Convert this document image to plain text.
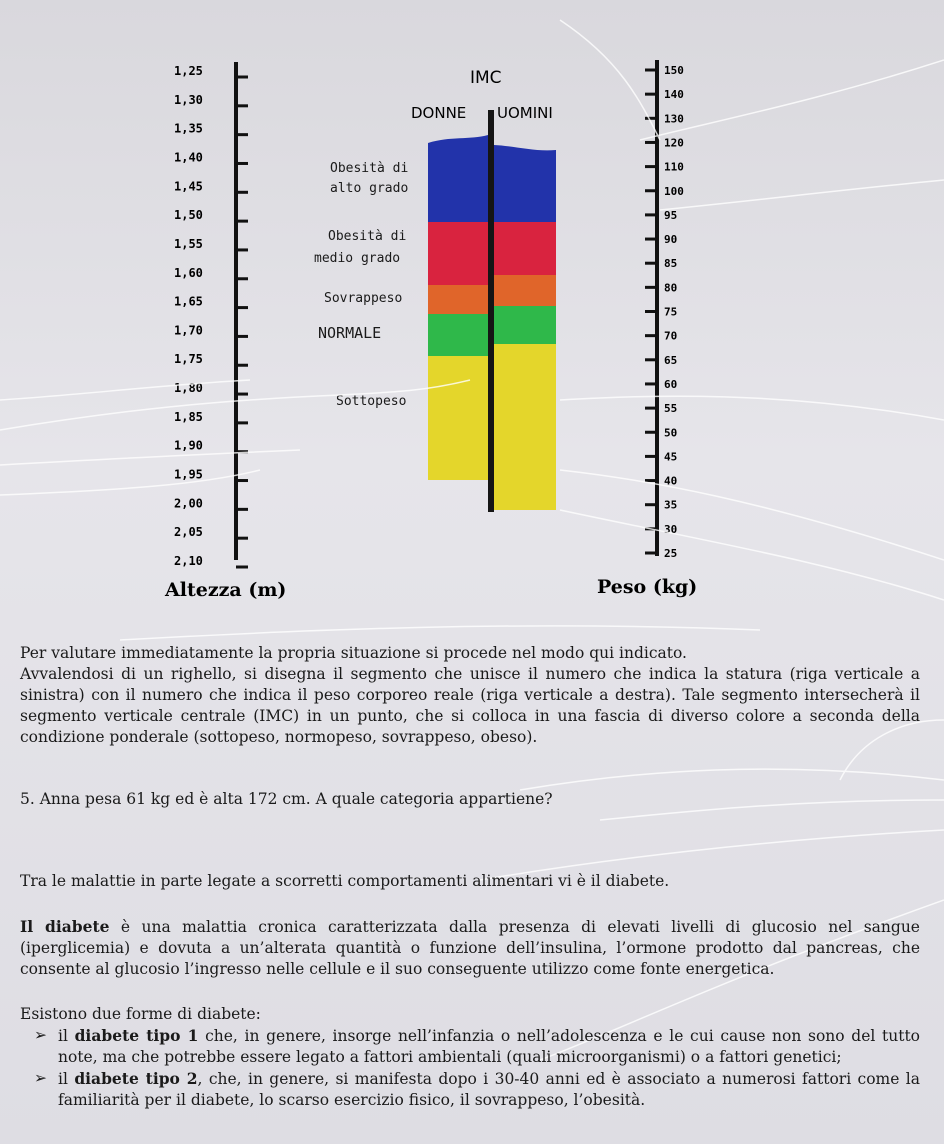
1,25
1,30
1,35
1,40
1,45
1,50
1,55
1,60
1,65
1,70
1,75
1,80
1,85
1,90
1,95
2,00
2,05
2,10
Altezza (m)
150
140
130
120
110
100
95
90
85
80
75
70
65
60
55
50
45
40
35
30
25
Peso (kg)
IMC
DONNE UOMINI
Obesità di alto grado
Obesità di medio grado
Sovrappeso
NORMALE
Sottopeso

Per valutare immediatamente la propria situazione si procede nel modo qui indicato.

Avvalendosi di un righello, si disegna il segmento che unisce il numero che indica la statura (riga verticale a sinistra) con il numero che indica il peso corporeo reale (riga verticale a destra). Tale segmento intersecherà il segmento verticale centrale (IMC) in un punto, che si colloca in una fascia di diverso colore a seconda della condizione ponderale (sottopeso, normopeso, sovrappeso, obeso).

5. Anna pesa 61 kg ed è alta 172 cm. A quale categoria appartiene?

Tra le malattie in parte legate a scorretti comportamenti alimentari vi è il diabete.

Il diabete è una malattia cronica caratterizzata dalla presenza di elevati livelli di glucosio nel sangue (iperglicemia) e dovuta a un’alterata quantità o funzione dell’insulina, l’ormone prodotto dal pancreas, che consente al glucosio l’ingresso nelle cellule e il suo conseguente utilizzo come fonte energetica.

Esistono due forme di diabete:

➢ il diabete tipo 1 che, in genere, insorge nell’infanzia o nell’adolescenza e le cui cause non sono del tutto note, ma che potrebbe essere legato a fattori ambientali (quali microorganismi) o a fattori genetici;
➢ il diabete tipo 2, che, in genere, si manifesta dopo i 30-40 anni ed è associato a numerosi fattori come la familiarità per il diabete, lo scarso esercizio fisico, il sovrappeso, l’obesità.
